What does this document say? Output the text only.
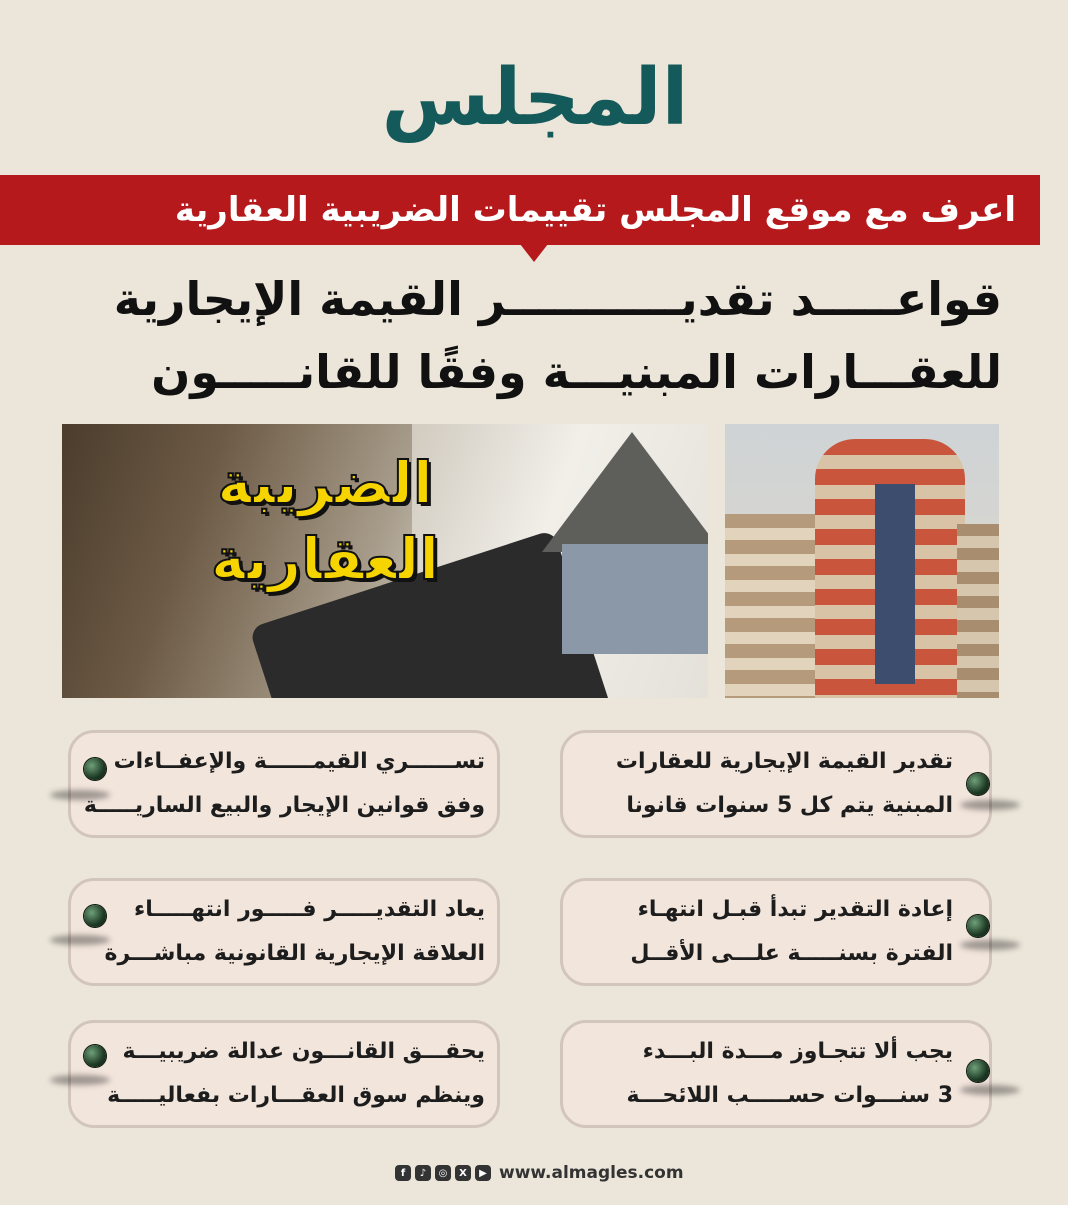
المجلس
اعرف مع موقع المجلس تقييمات الضريبية العقارية
قواعـــــد تقديـــــــــــر القيمة الإيجارية
للعقـــارات المبنيـــة وفقًا للقانـــــون
الضريبة
العقارية
تقدير القيمة الإيجارية للعقارات
المبنية يتم كل 5 سنوات قانونا
تســــــري القيمــــــة والإعفــاءات
وفق قوانين الإيجار والبيع الساريـــــة
إعادة التقدير تبدأ قبـل انتهـاء
الفترة بسنـــــة علـــى الأقــل
يعاد التقديـــــر فـــــور انتهـــــاء
العلاقة الإيجارية القانونية مباشـــرة
يجب ألا تتجـاوز مـــدة البـــدء
3 سنـــوات حســـــب اللائحـــة
يحقـــق القانـــون عدالة ضريبيـــة
وينظم سوق العقـــارات بفعاليـــــة
f	♪	◎	X	▶ www.almagles.com
